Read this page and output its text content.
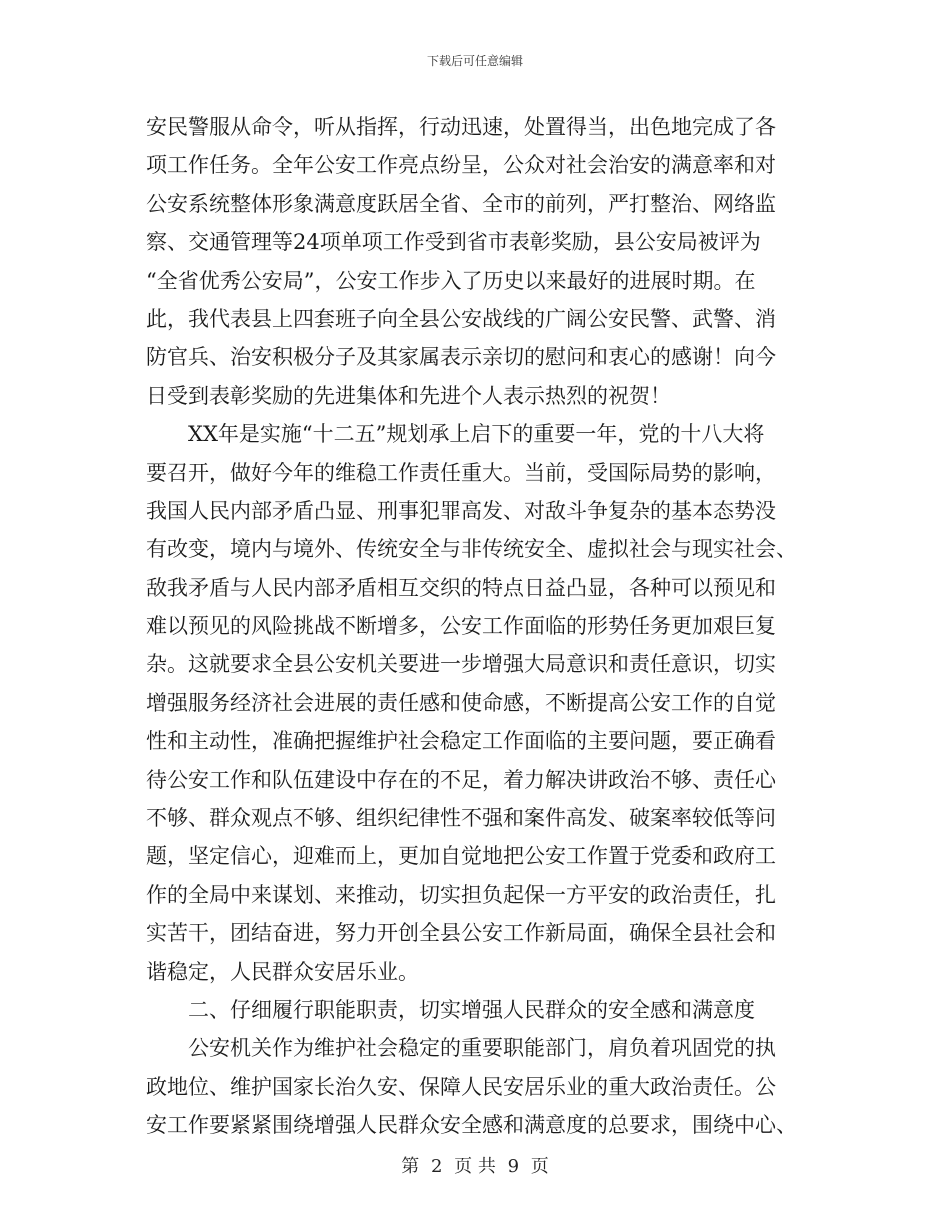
下载后可任意编辑
安民警服从命令，听从指挥，行动迅速，处置得当，出色地完成了各
项工作任务。全年公安工作亮点纷呈，公众对社会治安的满意率和对
公安系统整体形象满意度跃居全省、全市的前列，严打整治、网络监
察、交通管理等24项单项工作受到省市表彰奖励，县公安局被评为
“全省优秀公安局”，公安工作步入了历史以来最好的进展时期。在
此，我代表县上四套班子向全县公安战线的广阔公安民警、武警、消
防官兵、治安积极分子及其家属表示亲切的慰问和衷心的感谢！向今
日受到表彰奖励的先进集体和先进个人表示热烈的祝贺！
XX年是实施“十二五”规划承上启下的重要一年，党的十八大将
要召开，做好今年的维稳工作责任重大。当前，受国际局势的影响，
我国人民内部矛盾凸显、刑事犯罪高发、对敌斗争复杂的基本态势没
有改变，境内与境外、传统安全与非传统安全、虚拟社会与现实社会、
敌我矛盾与人民内部矛盾相互交织的特点日益凸显，各种可以预见和
难以预见的风险挑战不断增多，公安工作面临的形势任务更加艰巨复
杂。这就要求全县公安机关要进一步增强大局意识和责任意识，切实
增强服务经济社会进展的责任感和使命感，不断提高公安工作的自觉
性和主动性，准确把握维护社会稳定工作面临的主要问题，要正确看
待公安工作和队伍建设中存在的不足，着力解决讲政治不够、责任心
不够、群众观点不够、组织纪律性不强和案件高发、破案率较低等问
题，坚定信心，迎难而上，更加自觉地把公安工作置于党委和政府工
作的全局中来谋划、来推动，切实担负起保一方平安的政治责任，扎
实苦干，团结奋进，努力开创全县公安工作新局面，确保全县社会和
谐稳定，人民群众安居乐业。
二、仔细履行职能职责，切实增强人民群众的安全感和满意度
公安机关作为维护社会稳定的重要职能部门，肩负着巩固党的执
政地位、维护国家长治久安、保障人民安居乐业的重大政治责任。公
安工作要紧紧围绕增强人民群众安全感和满意度的总要求，围绕中心、
第 2 页 共 9 页
